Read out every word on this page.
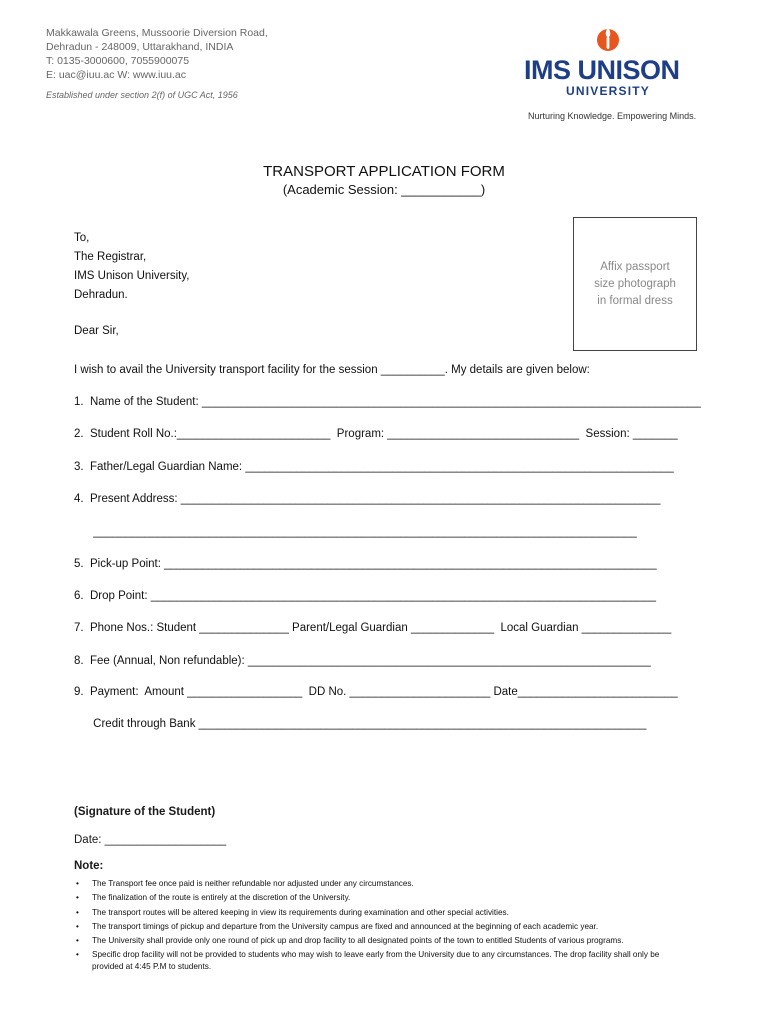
Makkawala Greens, Mussoorie Diversion Road,
Dehradun - 248009, Uttarakhand, INDIA
T: 0135-3000600, 7055900075
E: uac@iuu.ac W: www.iuu.ac
Established under section 2(f) of UGC Act, 1956
IMS UNISON
UNIVERSITY
Nurturing Knowledge. Empowering Minds.
TRANSPORT APPLICATION FORM
(Academic Session: ___________)
Affix passport size photograph in formal dress
To,
The Registrar,
IMS Unison University,
Dehradun.
Dear Sir,
I wish to avail the University transport facility for the session __________. My details are given below:
1.  Name of the Student: ______________________________________________________________________________
2.  Student Roll No.:________________________  Program: ______________________________  Session: _______
3.  Father/Legal Guardian Name: ___________________________________________________________________
4.  Present Address: ___________________________________________________________________________
_____________________________________________________________________________________
5.  Pick-up Point: _____________________________________________________________________________
6.  Drop Point: _______________________________________________________________________________
7.  Phone Nos.: Student ______________ Parent/Legal Guardian _____________  Local Guardian ______________
8.  Fee (Annual, Non refundable): _______________________________________________________________
9.  Payment:  Amount __________________  DD No. ______________________ Date_________________________
Credit through Bank ______________________________________________________________________
(Signature of the Student)
Date: ___________________
Note:
• The Transport fee once paid is neither refundable nor adjusted under any circumstances.
• The finalization of the route is entirely at the discretion of the University.
• The transport routes will be altered keeping in view its requirements during examination and other special activities.
• The transport timings of pickup and departure from the University campus are fixed and announced at the beginning of each academic year.
• The University shall provide only one round of pick up and drop facility to all designated points of the town to entitled Students of various programs.
• Specific drop facility will not be provided to students who may wish to leave early from the University due to any circumstances. The drop facility shall only be provided at 4:45 P.M to students.
